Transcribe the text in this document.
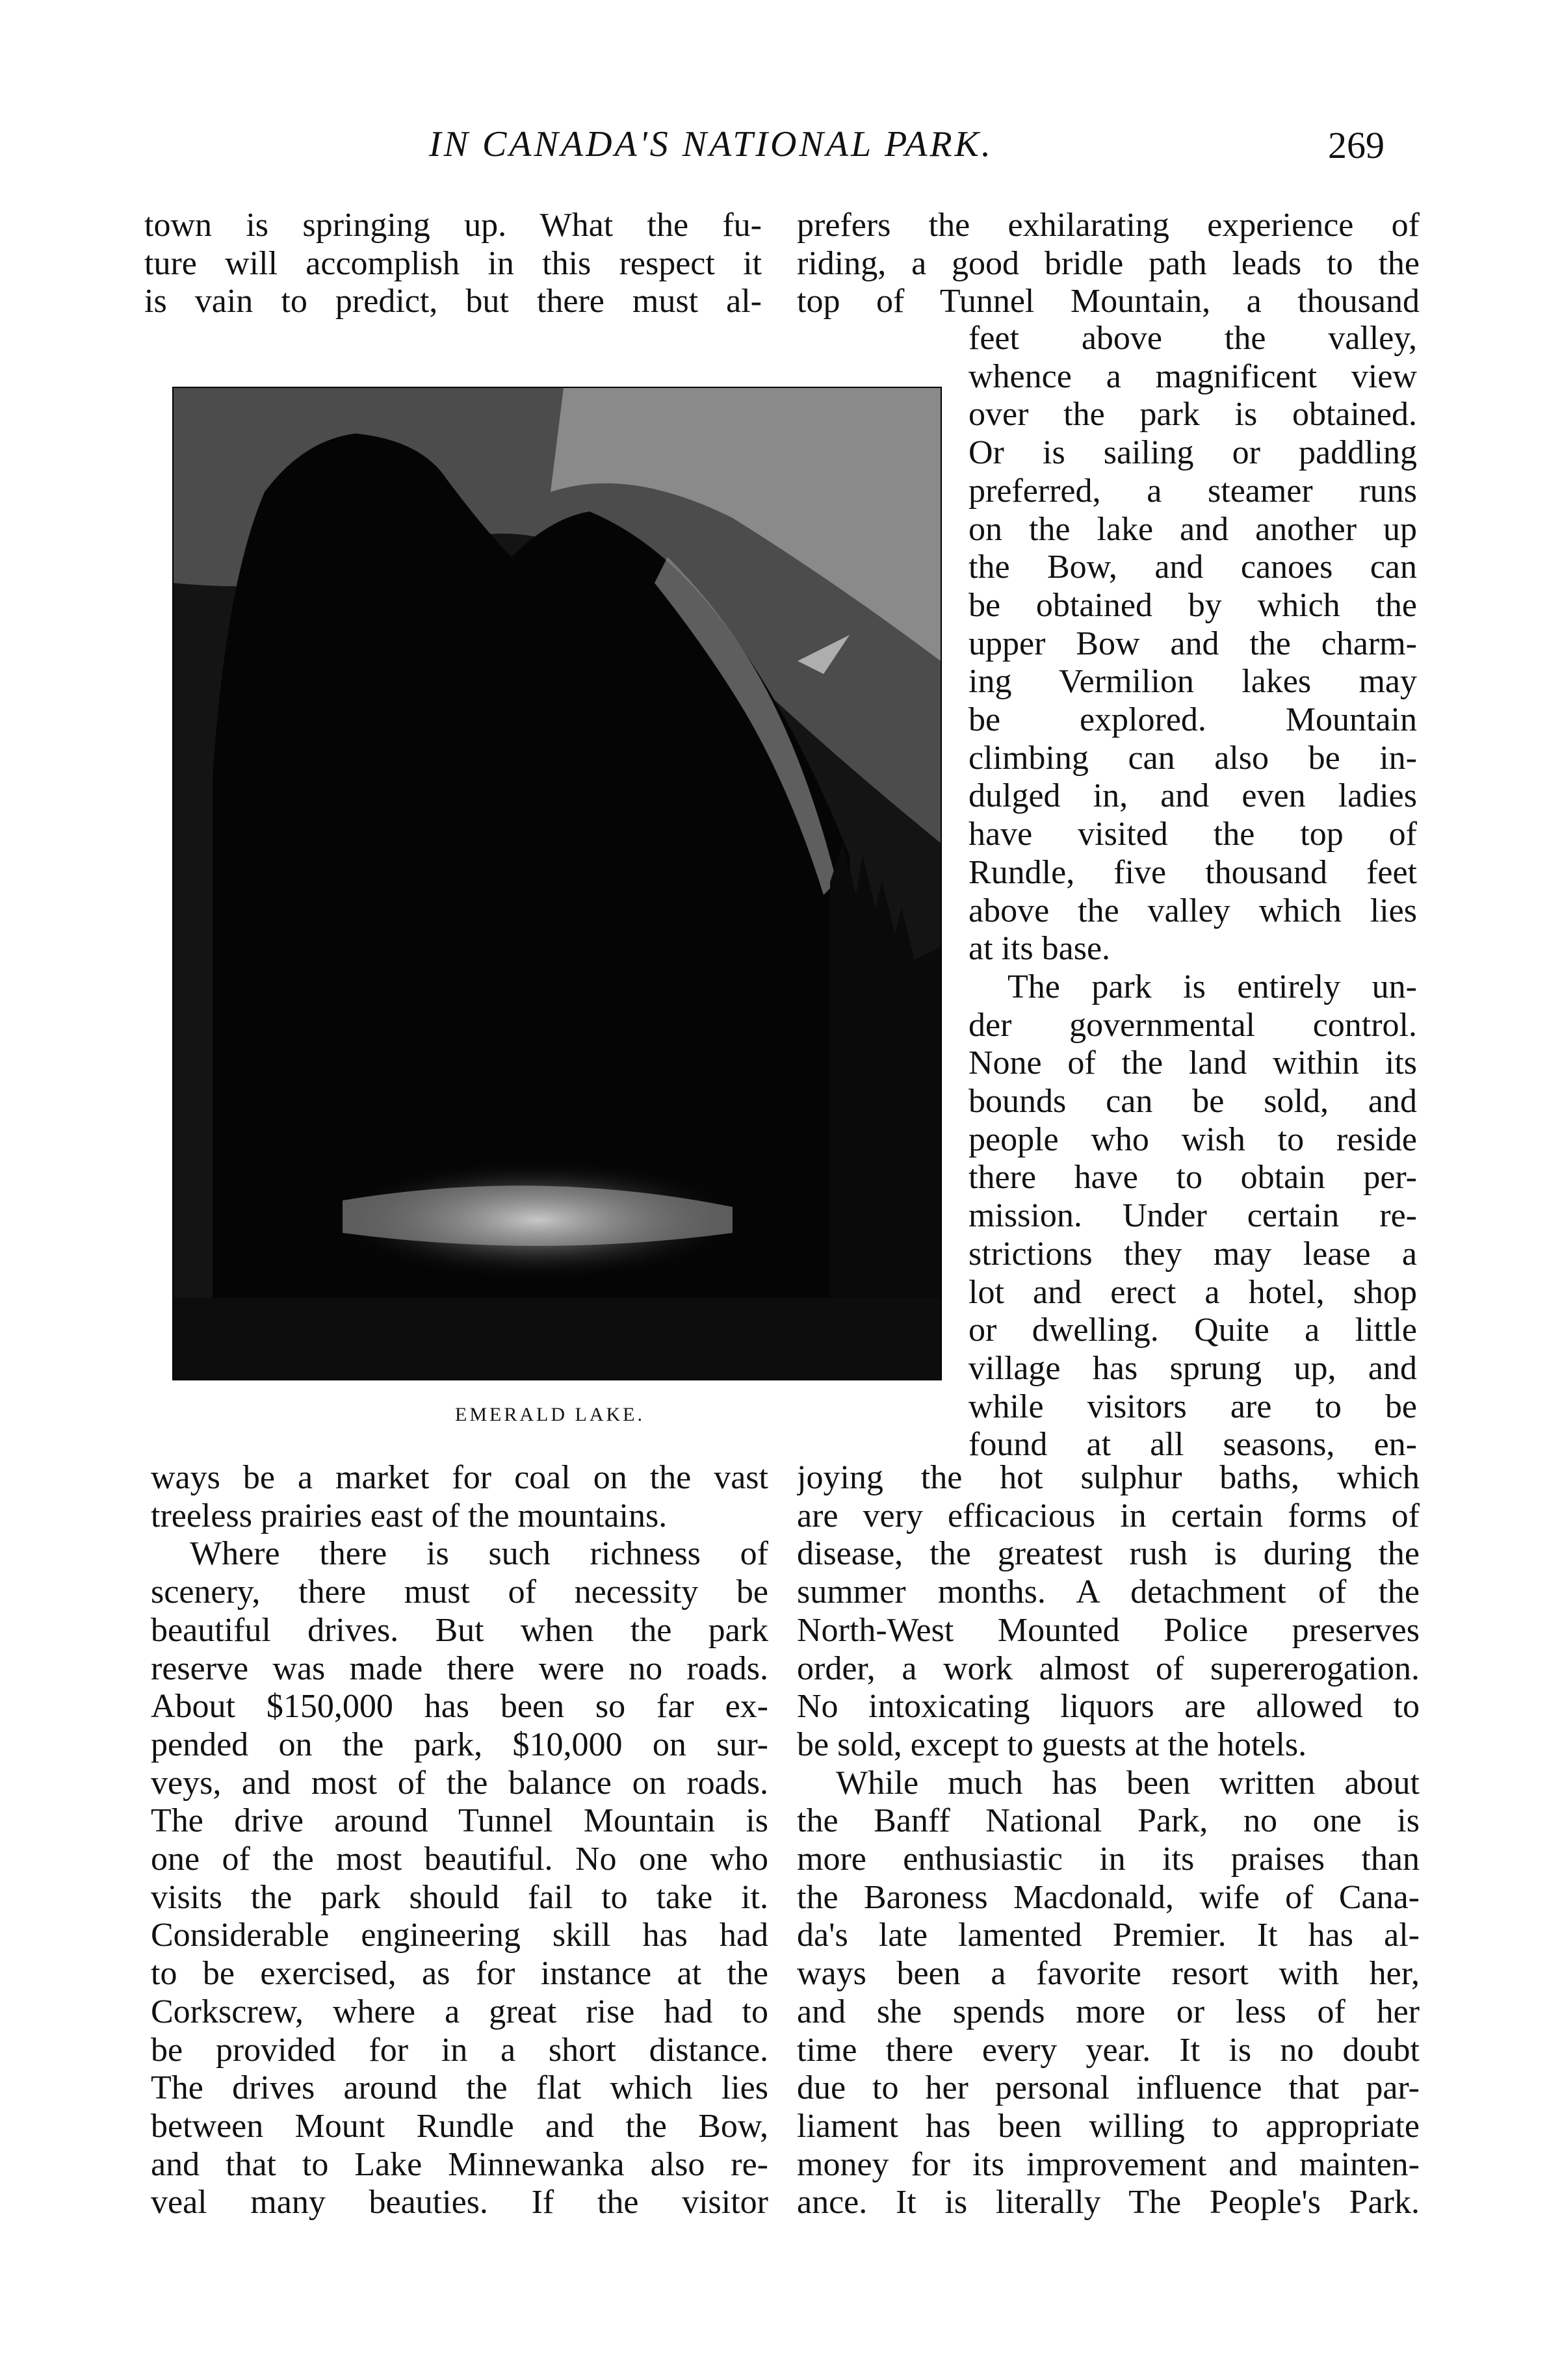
IN CANADA'S NATIONAL PARK.	269
town is springing up. What the fu-
ture will accomplish in this respect it
is vain to predict, but there must al-
EMERALD LAKE.
ways be a market for coal on the vast
treeless prairies east of the mountains.
Where there is such richness of
scenery, there must of necessity be
beautiful drives. But when the park
reserve was made there were no roads.
About $150,000 has been so far ex-
pended on the park, $10,000 on sur-
veys, and most of the balance on roads.
The drive around Tunnel Mountain is
one of the most beautiful. No one who
visits the park should fail to take it.
Considerable engineering skill has had
to be exercised, as for instance at the
Corkscrew, where a great rise had to
be provided for in a short distance.
The drives around the flat which lies
between Mount Rundle and the Bow,
and that to Lake Minnewanka also re-
veal many beauties. If the visitor
prefers the exhilarating experience of
riding, a good bridle path leads to the
top of Tunnel Mountain, a thousand
feet above the valley,
whence a magnificent view
over the park is obtained.
Or is sailing or paddling
preferred, a steamer runs
on the lake and another up
the Bow, and canoes can
be obtained by which the
upper Bow and the charm-
ing Vermilion lakes may
be explored. Mountain
climbing can also be in-
dulged in, and even ladies
have visited the top of
Rundle, five thousand feet
above the valley which lies
at its base.
The park is entirely un-
der governmental control.
None of the land within its
bounds can be sold, and
people who wish to reside
there have to obtain per-
mission. Under certain re-
strictions they may lease a
lot and erect a hotel, shop
or dwelling. Quite a little
village has sprung up, and
while visitors are to be
found at all seasons, en-
joying the hot sulphur baths, which
are very efficacious in certain forms of
disease, the greatest rush is during the
summer months. A detachment of the
North-West Mounted Police preserves
order, a work almost of supererogation.
No intoxicating liquors are allowed to
be sold, except to guests at the hotels.
While much has been written about
the Banff National Park, no one is
more enthusiastic in its praises than
the Baroness Macdonald, wife of Cana-
da's late lamented Premier. It has al-
ways been a favorite resort with her,
and she spends more or less of her
time there every year. It is no doubt
due to her personal influence that par-
liament has been willing to appropriate
money for its improvement and mainten-
ance. It is literally The People's Park.
